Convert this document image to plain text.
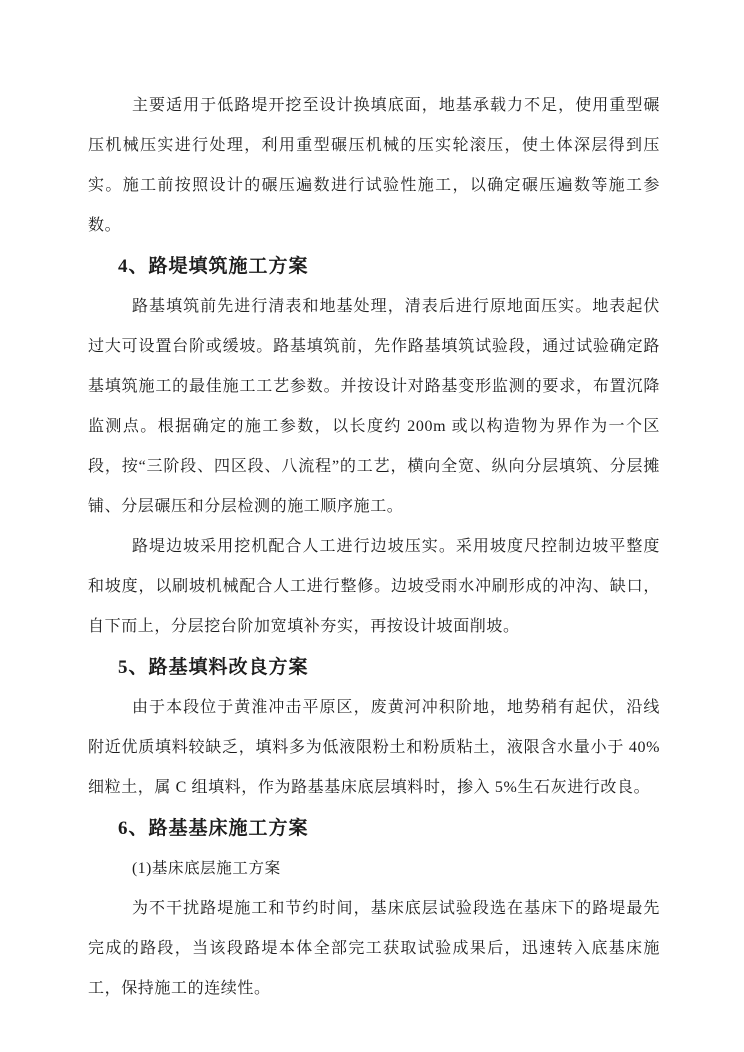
主要适用于低路堤开挖至设计换填底面，地基承载力不足，使用重型碾压机械压实进行处理，利用重型碾压机械的压实轮滚压，使土体深层得到压实。施工前按照设计的碾压遍数进行试验性施工，以确定碾压遍数等施工参数。

4、路堤填筑施工方案

路基填筑前先进行清表和地基处理，清表后进行原地面压实。地表起伏过大可设置台阶或缓坡。路基填筑前，先作路基填筑试验段，通过试验确定路基填筑施工的最佳施工工艺参数。并按设计对路基变形监测的要求，布置沉降监测点。根据确定的施工参数，以长度约 200m 或以构造物为界作为一个区段，按“三阶段、四区段、八流程”的工艺，横向全宽、纵向分层填筑、分层摊铺、分层碾压和分层检测的施工顺序施工。

路堤边坡采用挖机配合人工进行边坡压实。采用坡度尺控制边坡平整度和坡度，以刷坡机械配合人工进行整修。边坡受雨水冲刷形成的冲沟、缺口，自下而上，分层挖台阶加宽填补夯实，再按设计坡面削坡。

5、路基填料改良方案

由于本段位于黄淮冲击平原区，废黄河冲积阶地，地势稍有起伏，沿线附近优质填料较缺乏，填料多为低液限粉土和粉质粘土，液限含水量小于 40%细粒土，属 C 组填料，作为路基基床底层填料时，掺入 5%生石灰进行改良。

6、路基基床施工方案

(1)基床底层施工方案

为不干扰路堤施工和节约时间，基床底层试验段选在基床下的路堤最先完成的路段，当该段路堤本体全部完工获取试验成果后，迅速转入底基床施工，保持施工的连续性。
